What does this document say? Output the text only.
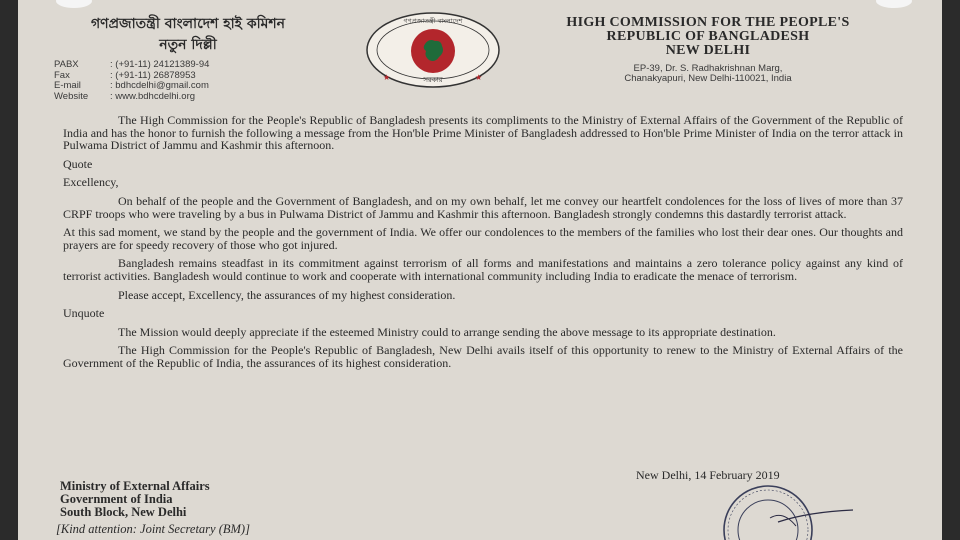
গণপ্রজাতন্ত্রী বাংলাদেশ হাই কমিশন
নতুন দিল্লী
★	★
সরকার
গণপ্রজাতন্ত্রী বাংলাদেশ	HIGH COMMISSION FOR THE PEOPLE'S
REPUBLIC OF BANGLADESH
NEW DELHI
PABX	: (+91-11) 24121389-94
Fax	: (+91-11) 26878953
E-mail	: bdhcdelhi@gmail.com
Website	: www.bdhcdelhi.org
EP-39, Dr. S. Radhakrishnan Marg,
Chanakyapuri, New Delhi-110021, India

The High Commission for the People's Republic of Bangladesh presents its compliments to the Ministry of External Affairs of the Government of the Republic of India and has the honor to furnish the following a message from the Hon'ble Prime Minister of Bangladesh addressed to Hon'ble Prime Minister of India on the terror attack in Pulwama District of Jammu and Kashmir this afternoon.

Quote

Excellency,

On behalf of the people and the Government of Bangladesh, and on my own behalf, let me convey our heartfelt condolences for the loss of lives of more than 37 CRPF troops who were traveling by a bus in Pulwama District of Jammu and Kashmir this afternoon. Bangladesh strongly condemns this dastardly terrorist attack.

At this sad moment, we stand by the people and the government of India. We offer our condolences to the members of the families who lost their dear ones. Our thoughts and prayers are for speedy recovery of those who got injured.

Bangladesh remains steadfast in its commitment against terrorism of all forms and manifestations and maintains a zero tolerance policy against any kind of terrorist activities. Bangladesh would continue to work and cooperate with international community including India to eradicate the menace of terrorism.

Please accept, Excellency, the assurances of my highest consideration.

Unquote

The Mission would deeply appreciate if the esteemed Ministry could to arrange sending the above message to its appropriate destination.

The High Commission for the People's Republic of Bangladesh, New Delhi avails itself of this opportunity to renew to the Ministry of External Affairs of the Government of the Republic of India, the assurances of its highest consideration.

New Delhi, 14 February 2019
Ministry of External Affairs
Government of India
South Block, New Delhi
[Kind attention: Joint Secretary (BM)]
